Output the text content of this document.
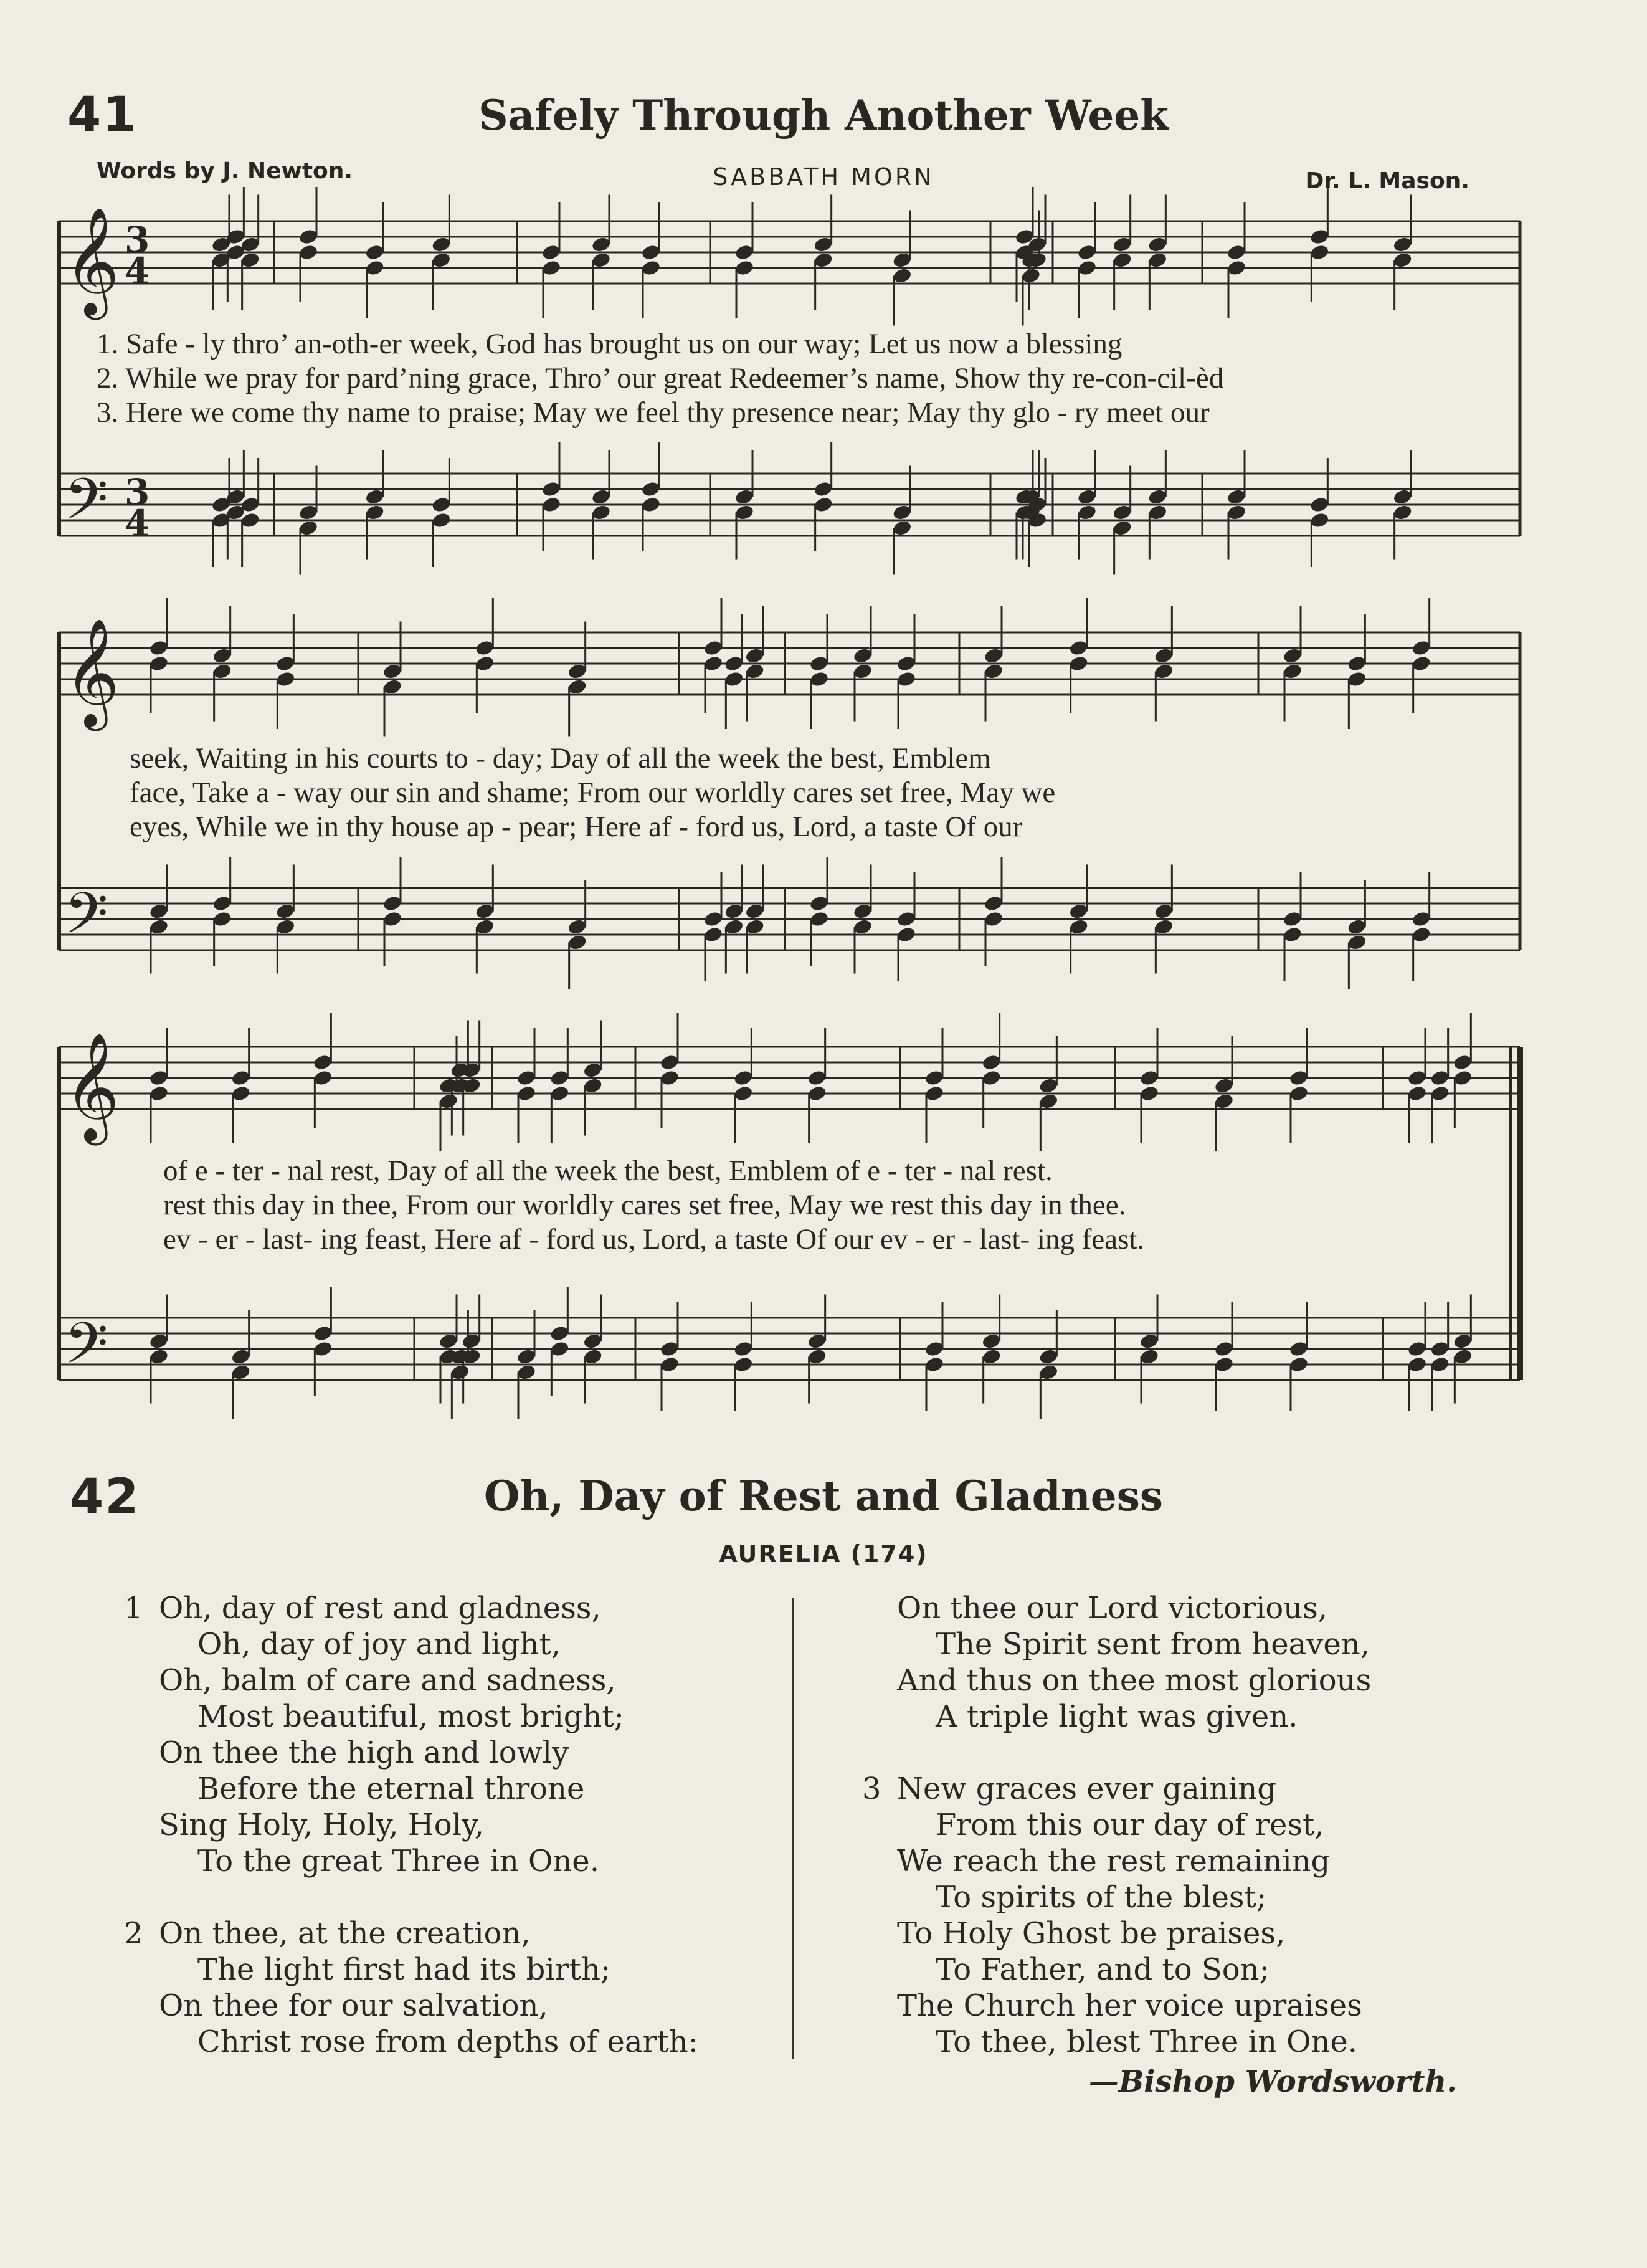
41	Safely Through Another Week
Words by J. Newton.	SABBATH MORN	Dr. L. Mason.
𝄞
𝄢
3
4
3
4
𝄞
𝄢
𝄞
𝄢
1. Safe - ly thro’ an-oth-er week, God has brought us on our way; Let us now a blessing
2. While we pray for pard’ning grace, Thro’ our great Redeemer’s name, Show thy re-con-cil-èd
3. Here we come thy name to praise; May we feel thy presence near; May thy glo - ry meet our
seek, Waiting in his courts to - day; Day of all the week the best, Emblem
face, Take a - way our sin and shame; From our worldly cares set free, May we
eyes, While we in thy house ap - pear; Here af - ford us, Lord, a taste Of our
of e - ter - nal rest, Day of all the week the best, Emblem of e - ter - nal rest.
rest this day in thee, From our worldly cares set free, May we rest this day in thee.
ev - er - last- ing feast, Here af - ford us, Lord, a taste Of our ev - er - last- ing feast.
42	Oh, Day of Rest and Gladness
AURELIA (174)
1 Oh, day of rest and gladness,
Oh, day of joy and light,
Oh, balm of care and sadness,
Most beautiful, most bright;
On thee the high and lowly
Before the eternal throne
Sing Holy, Holy, Holy,
To the great Three in One.
2 On thee, at the creation,
The light first had its birth;
On thee for our salvation,
Christ rose from depths of earth:
On thee our Lord victorious,
The Spirit sent from heaven,
And thus on thee most glorious
A triple light was given.
3 New graces ever gaining
From this our day of rest,
We reach the rest remaining
To spirits of the blest;
To Holy Ghost be praises,
To Father, and to Son;
The Church her voice upraises
To thee, blest Three in One.
—Bishop Wordsworth.
